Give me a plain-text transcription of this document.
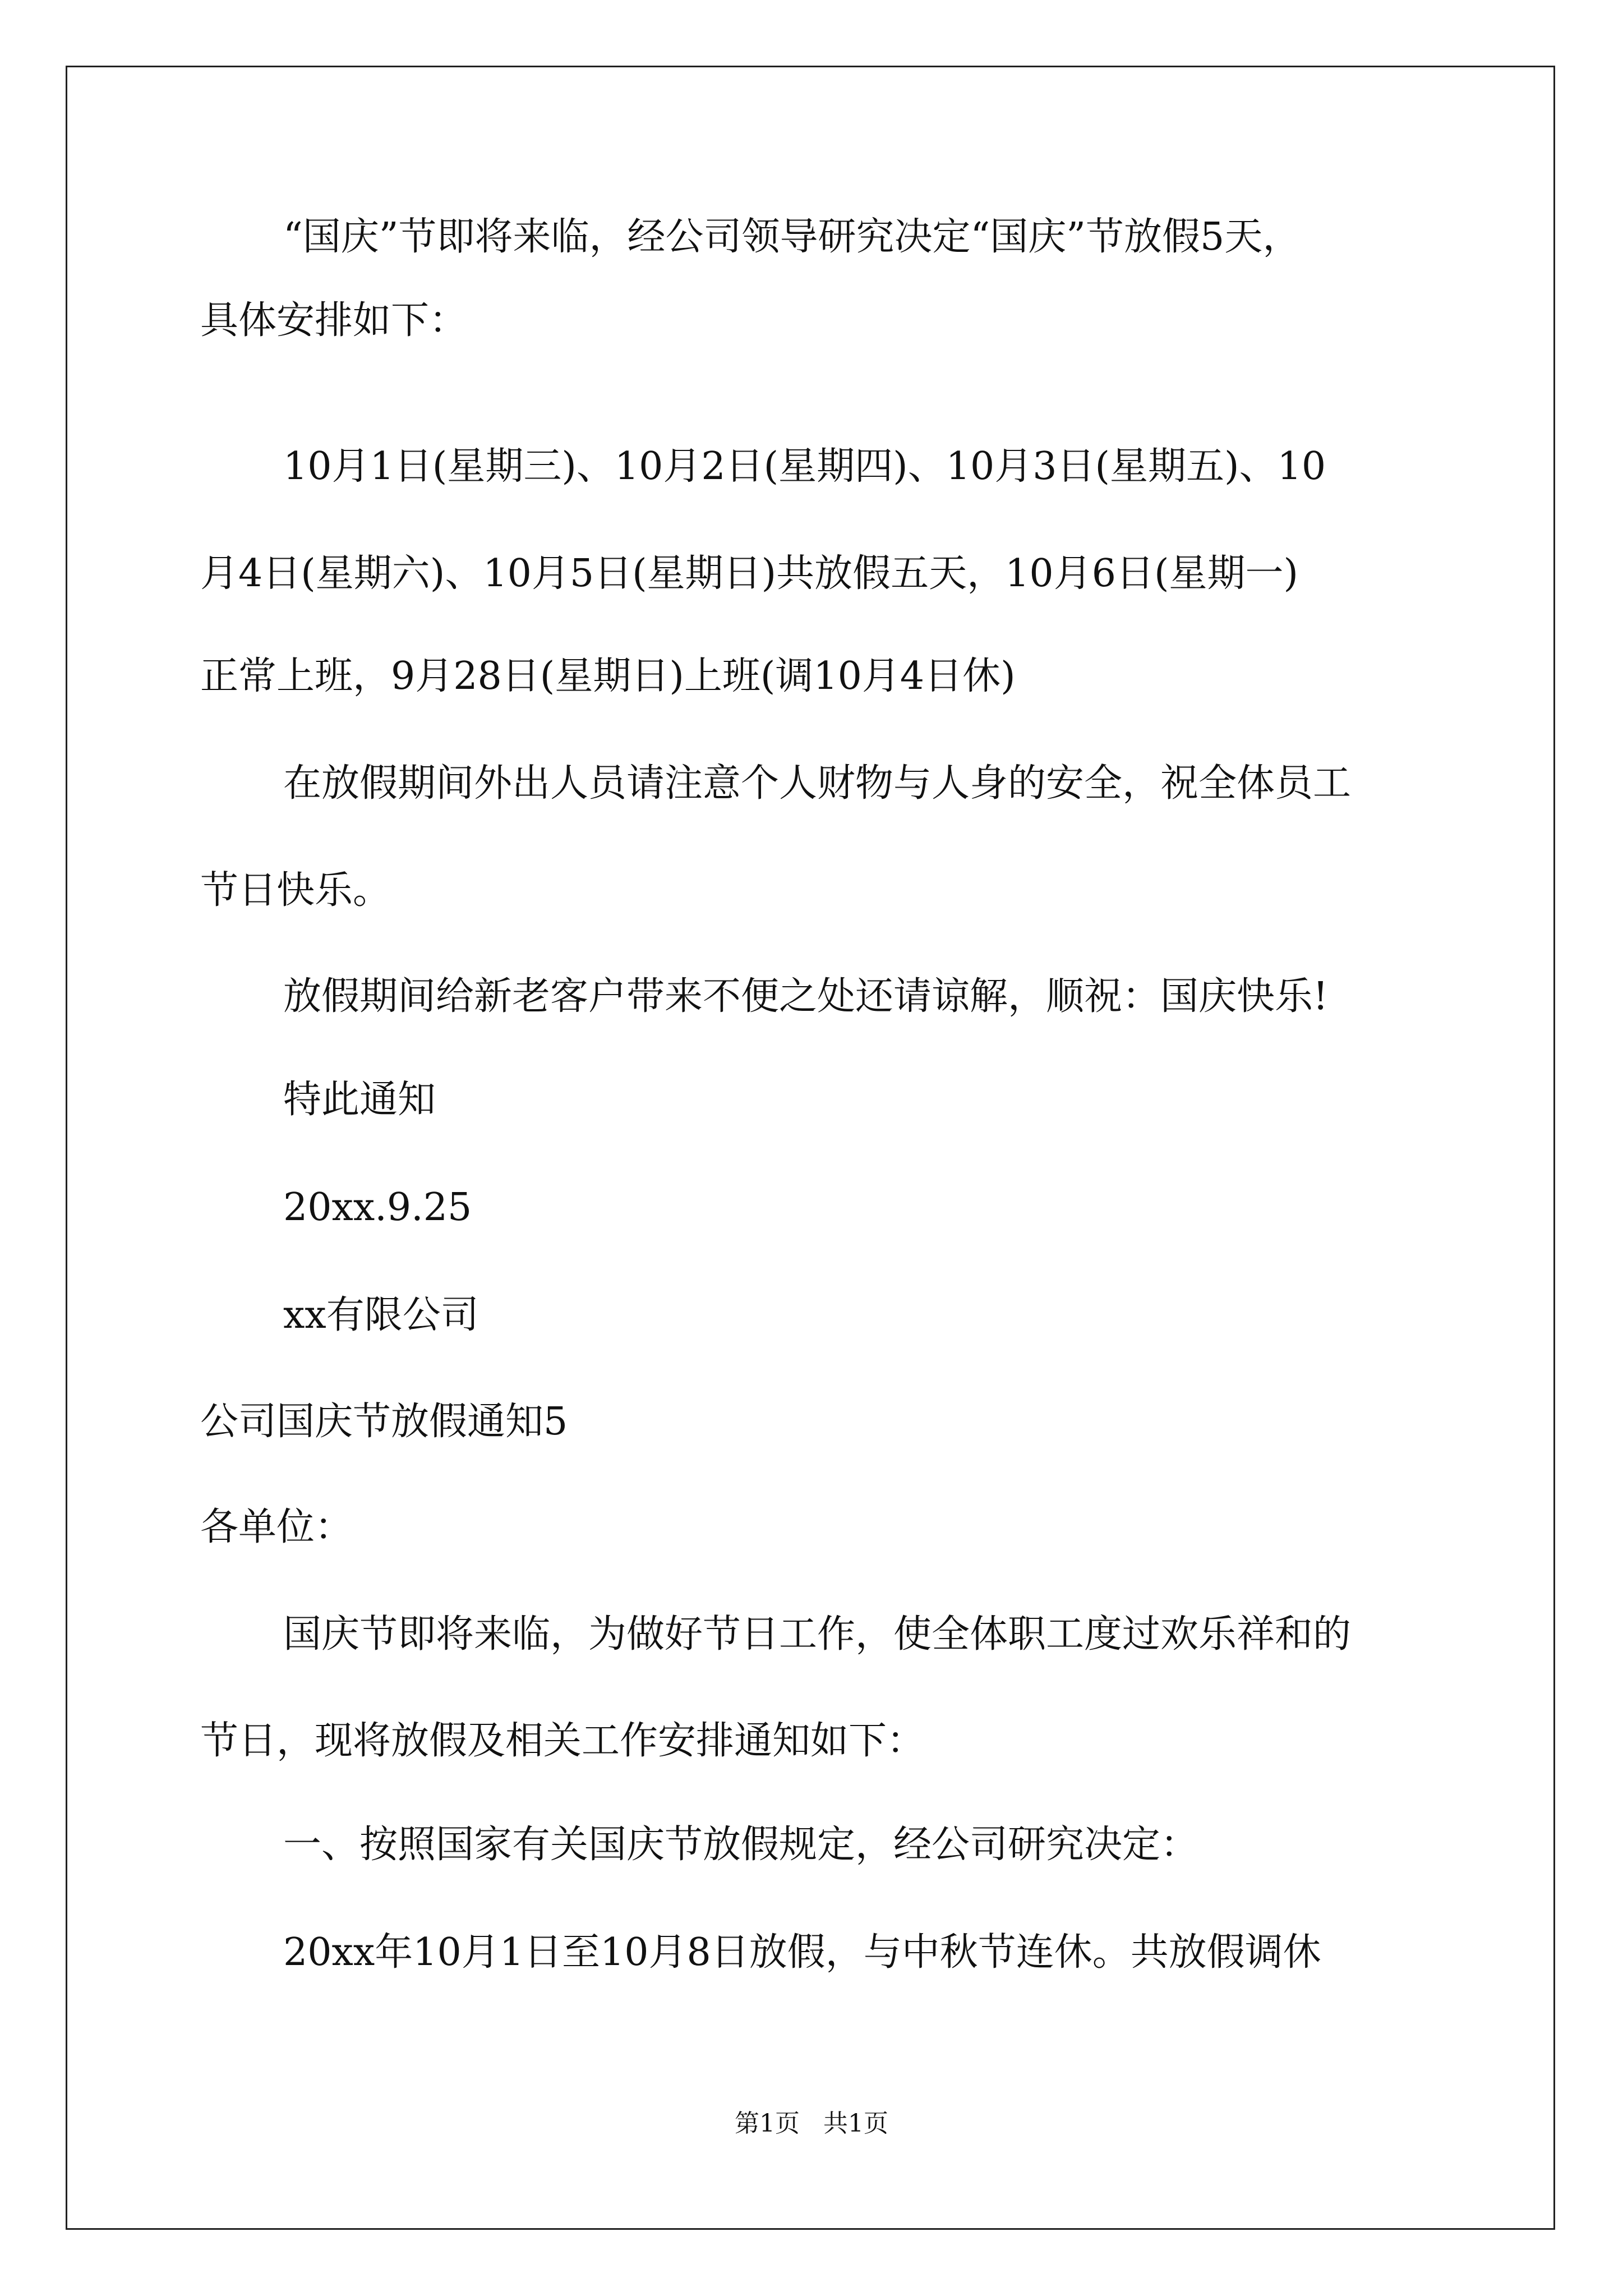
“国庆”节即将来临，经公司领导研究决定“国庆”节放假5天，
具体安排如下：
10月1日(星期三)、10月2日(星期四)、10月3日(星期五)、10
月4日(星期六)、10月5日(星期日)共放假五天，10月6日(星期一)
正常上班，9月28日(星期日)上班(调10月4日休)
在放假期间外出人员请注意个人财物与人身的安全，祝全体员工
节日快乐。
放假期间给新老客户带来不便之处还请谅解，顺祝：国庆快乐!
特此通知
20xx.9.25
xx有限公司
公司国庆节放假通知5
各单位：
国庆节即将来临，为做好节日工作，使全体职工度过欢乐祥和的
节日，现将放假及相关工作安排通知如下：
一、按照国家有关国庆节放假规定，经公司研究决定：
20xx年10月1日至10月8日放假，与中秋节连休。共放假调休
第1页   共1页
